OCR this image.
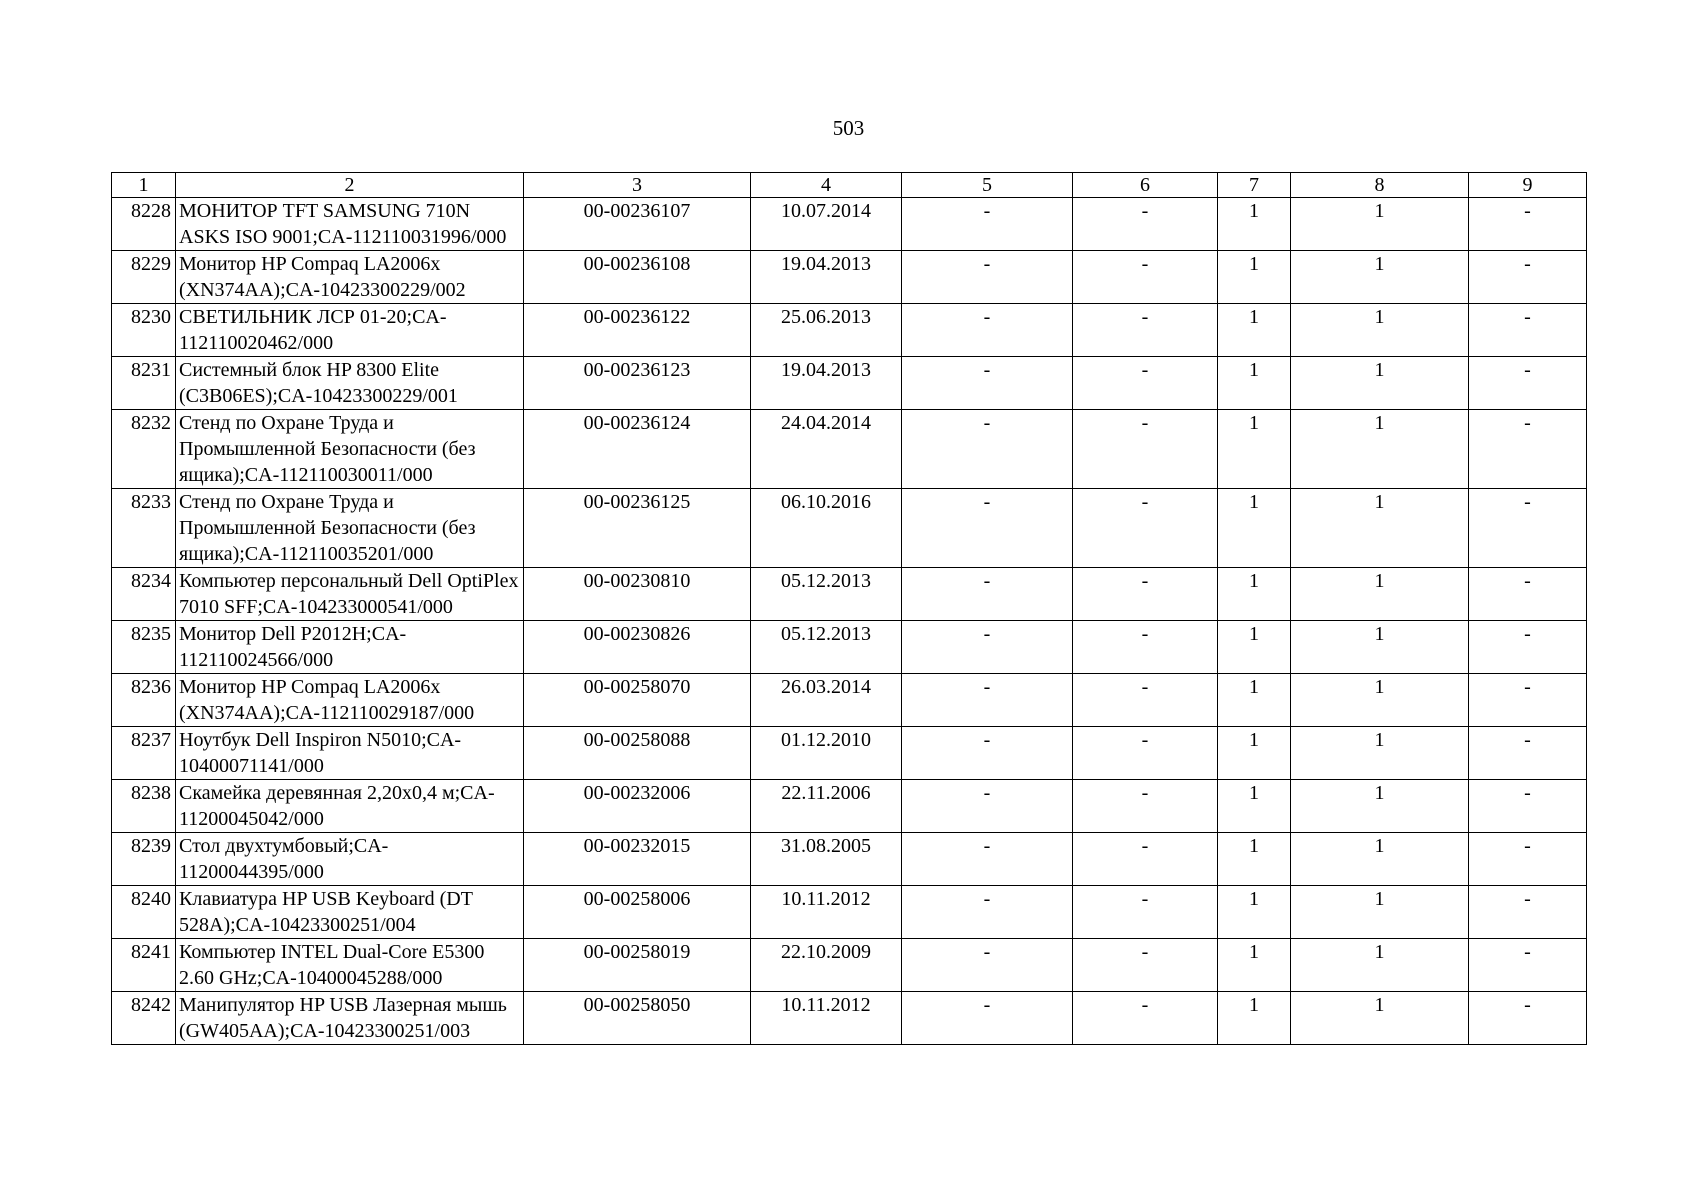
503
1	2	3	4	5	6	7	8	9
8228	МОНИТОР TFT SAMSUNG 710N ASKS ISO 9001;CA-112110031996/000	00-00236107	10.07.2014	-	-	1	1	-
8229	Монитор HP Compaq LA2006x (XN374AA);CA-10423300229/002	00-00236108	19.04.2013	-	-	1	1	-
8230	СВЕТИЛЬНИК ЛСР 01-20;CA-112110020462/000	00-00236122	25.06.2013	-	-	1	1	-
8231	Системный блок HP 8300 Elite (C3B06ES);CA-10423300229/001	00-00236123	19.04.2013	-	-	1	1	-
8232	Стенд по Охране Труда и Промышленной Безопасности (без ящика);CA-112110030011/000	00-00236124	24.04.2014	-	-	1	1	-
8233	Стенд по Охране Труда и Промышленной Безопасности (без ящика);CA-112110035201/000	00-00236125	06.10.2016	-	-	1	1	-
8234	Компьютер персональный Dell OptiPlex 7010 SFF;CA-104233000541/000	00-00230810	05.12.2013	-	-	1	1	-
8235	Монитор Dell P2012H;CA-112110024566/000	00-00230826	05.12.2013	-	-	1	1	-
8236	Монитор HP Compaq LA2006x (XN374AA);CA-112110029187/000	00-00258070	26.03.2014	-	-	1	1	-
8237	Ноутбук Dell Inspiron N5010;CA-10400071141/000	00-00258088	01.12.2010	-	-	1	1	-
8238	Скамейка деревянная 2,20х0,4 м;CA-11200045042/000	00-00232006	22.11.2006	-	-	1	1	-
8239	Стол двухтумбовый;CA-11200044395/000	00-00232015	31.08.2005	-	-	1	1	-
8240	Клавиатура HP USB Keyboard (DT 528A);CA-10423300251/004	00-00258006	10.11.2012	-	-	1	1	-
8241	Компьютер INTEL Dual-Core E5300 2.60 GHz;CA-10400045288/000	00-00258019	22.10.2009	-	-	1	1	-
8242	Манипулятор HP USB Лазерная мышь (GW405AA);CA-10423300251/003	00-00258050	10.11.2012	-	-	1	1	-
